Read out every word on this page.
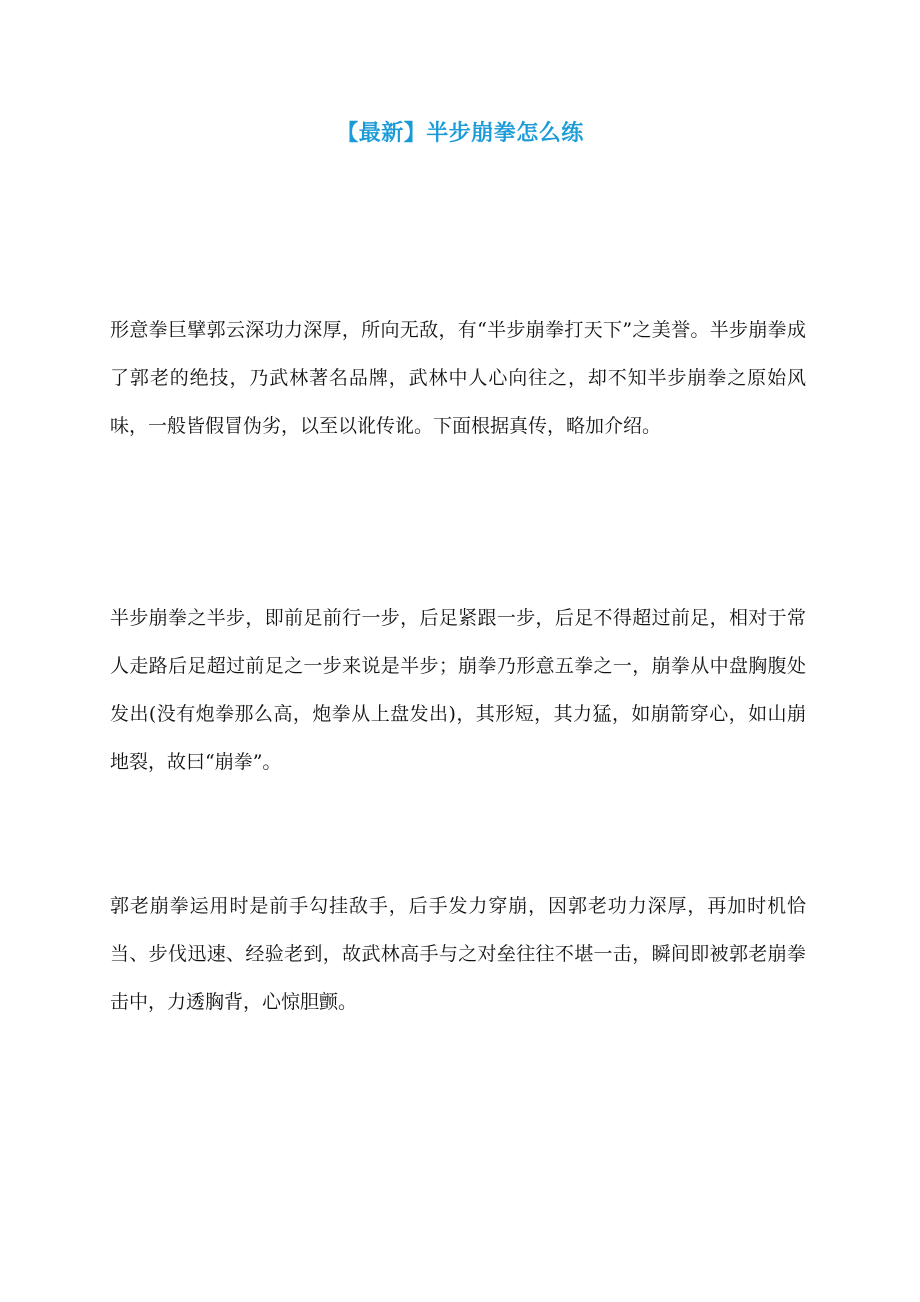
【最新】半步崩拳怎么练

形意拳巨擘郭云深功力深厚，所向无敌，有“半步崩拳打天下”之美誉。半步崩拳成了郭老的绝技，乃武林著名品牌，武林中人心向往之，却不知半步崩拳之原始风味，一般皆假冒伪劣，以至以讹传讹。下面根据真传，略加介绍。

半步崩拳之半步，即前足前行一步，后足紧跟一步，后足不得超过前足，相对于常人走路后足超过前足之一步来说是半步；崩拳乃形意五拳之一，崩拳从中盘胸腹处发出(没有炮拳那么高，炮拳从上盘发出)，其形短，其力猛，如崩箭穿心，如山崩地裂，故曰“崩拳”。

郭老崩拳运用时是前手勾挂敌手，后手发力穿崩，因郭老功力深厚，再加时机恰当、步伐迅速、经验老到，故武林高手与之对垒往往不堪一击，瞬间即被郭老崩拳击中，力透胸背，心惊胆颤。
